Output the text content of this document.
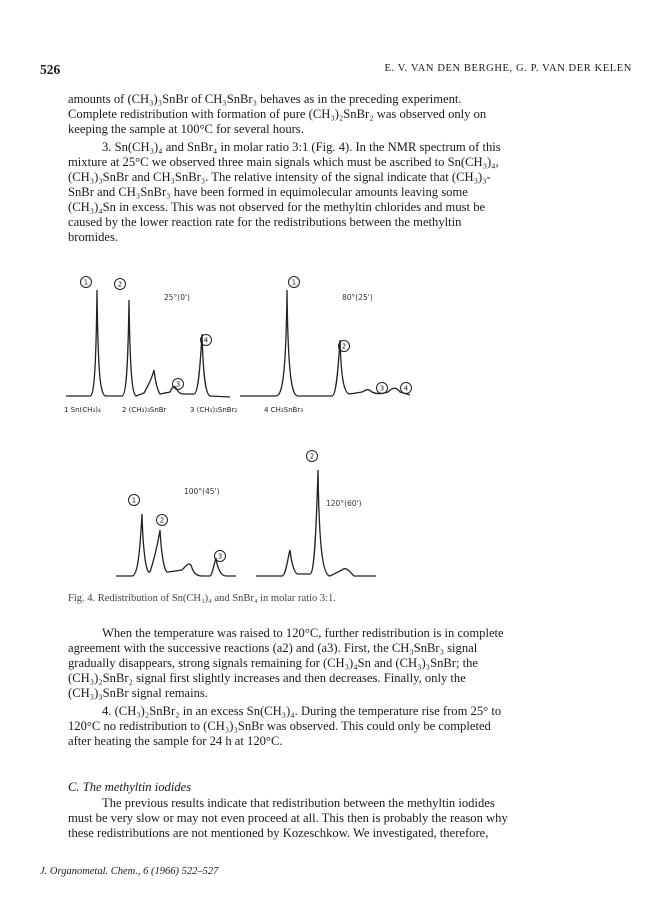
526	E. V. VAN DEN BERGHE, G. P. VAN DER KELEN

amounts of (CH₃)₃SnBr of CH₃SnBr₃ behaves as in the preceding experiment.
Complete redistribution with formation of pure (CH₃)₂SnBr₂ was observed only on
keeping the sample at 100°C for several hours.

3. Sn(CH₃)₄ and SnBr₄ in molar ratio 3:1 (Fig. 4). In the NMR spectrum of this
mixture at 25°C we observed three main signals which must be ascribed to Sn(CH₃)₄,
(CH₃)₃SnBr and CH₃SnBr₃. The relative intensity of the signal indicate that (CH₃)₃-
SnBr and CH₃SnBr₃ have been formed in equimolecular amounts leaving some
(CH₃)₄Sn in excess. This was not observed for the methyltin chlorides and must be
caused by the lower reaction rate for the redistributions between the methyltin
bromides.

1	2
3
4
1
2
3	4
1
2
3
2
25°(0')	80°(25')
100°(45')
120°(60')
1 Sn(CH₃)₄	2 (CH₃)₃SnBr	3 (CH₃)₂SnBr₂	4 CH₃SnBr₃
Fig. 4. Redistribution of Sn(CH₃)₄ and SnBr₄ in molar ratio 3:1.

When the temperature was raised to 120°C, further redistribution is in complete
agreement with the successive reactions (a2) and (a3). First, the CH₃SnBr₃ signal
gradually disappears, strong signals remaining for (CH₃)₄Sn and (CH₃)₃SnBr; the
(CH₃)₂SnBr₂ signal first slightly increases and then decreases. Finally, only the
(CH₃)₃SnBr signal remains.

4. (CH₃)₂SnBr₂ in an excess Sn(CH₃)₄. During the temperature rise from 25° to
120°C no redistribution to (CH₃)₃SnBr was observed. This could only be completed
after heating the sample for 24 h at 120°C.

C. The methyltin iodides

The previous results indicate that redistribution between the methyltin iodides
must be very slow or may not even proceed at all. This then is probably the reason why
these redistributions are not mentioned by Kozeschkow. We investigated, therefore,

J. Organometal. Chem., 6 (1966) 522–527
